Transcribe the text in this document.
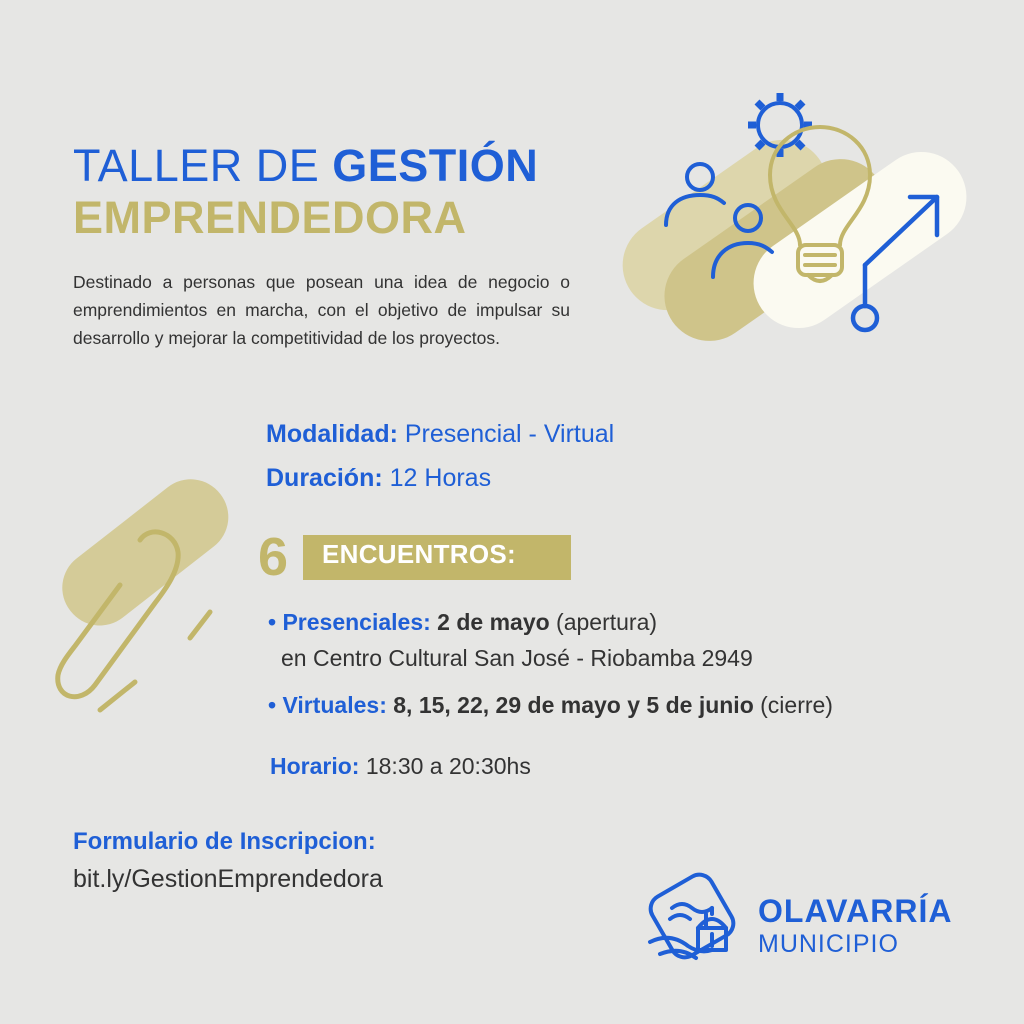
TALLER DE GESTIÓN
EMPRENDEDORA
Destinado a personas que posean una idea de negocio o emprendimientos en marcha, con el objetivo de impulsar su desarrollo y mejorar la competitividad de los proyectos.
Modalidad: Presencial - Virtual
Duración: 12 Horas
6 ENCUENTROS:
• Presenciales: 2 de mayo (apertura)
en Centro Cultural San José - Riobamba 2949
• Virtuales: 8, 15, 22, 29 de mayo y 5 de junio (cierre)
Horario: 18:30 a 20:30hs
Formulario de Inscripcion:
bit.ly/GestionEmprendedora
OLAVARRÍA
MUNICIPIO
